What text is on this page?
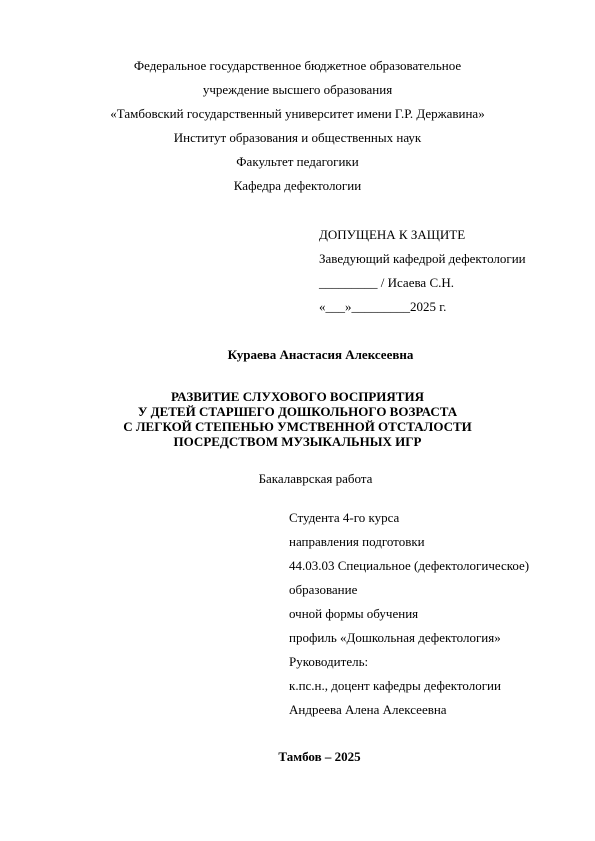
Федеральное государственное бюджетное образовательное
учреждение высшего образования
«Тамбовский государственный университет имени Г.Р. Державина»
Институт образования и общественных наук
Факультет педагогики
Кафедра дефектологии
ДОПУЩЕНА К ЗАЩИТЕ
Заведующий кафедрой дефектологии
_________ / Исаева С.Н.
«___»_________2025 г.
Кураева Анастасия Алексеевна
РАЗВИТИЕ СЛУХОВОГО ВОСПРИЯТИЯ
У ДЕТЕЙ СТАРШЕГО ДОШКОЛЬНОГО ВОЗРАСТА
С ЛЕГКОЙ СТЕПЕНЬЮ УМСТВЕННОЙ ОТСТАЛОСТИ
ПОСРЕДСТВОМ МУЗЫКАЛЬНЫХ ИГР
Бакалаврская работа
Студента 4-го курса
направления подготовки
44.03.03 Специальное (дефектологическое)
образование
очной формы обучения
профиль «Дошкольная дефектология»
Руководитель:
к.пс.н., доцент кафедры дефектологии
Андреева Алена Алексеевна
Тамбов – 2025
